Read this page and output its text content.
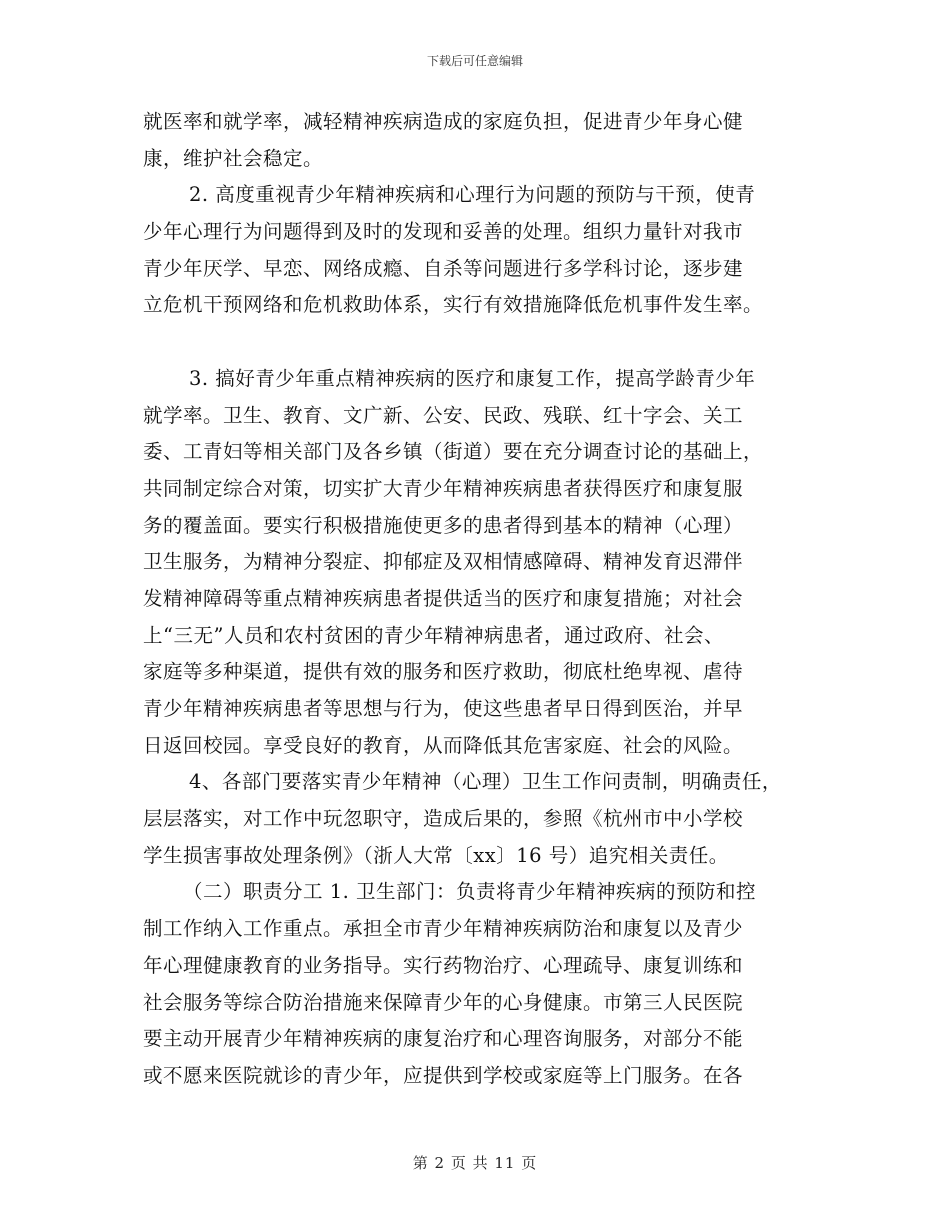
下载后可任意编辑
就医率和就学率，减轻精神疾病造成的家庭负担，促进青少年身心健
康，维护社会稳定。
2. 高度重视青少年精神疾病和心理行为问题的预防与干预，使青
少年心理行为问题得到及时的发现和妥善的处理。组织力量针对我市
青少年厌学、早恋、网络成瘾、自杀等问题进行多学科讨论，逐步建
立危机干预网络和危机救助体系，实行有效措施降低危机事件发生率。
3. 搞好青少年重点精神疾病的医疗和康复工作，提高学龄青少年
就学率。卫生、教育、文广新、公安、民政、残联、红十字会、关工
委、工青妇等相关部门及各乡镇（街道）要在充分调查讨论的基础上，
共同制定综合对策，切实扩大青少年精神疾病患者获得医疗和康复服
务的覆盖面。要实行积极措施使更多的患者得到基本的精神（心理）
卫生服务，为精神分裂症、抑郁症及双相情感障碍、精神发育迟滞伴
发精神障碍等重点精神疾病患者提供适当的医疗和康复措施；对社会
上“三无”人员和农村贫困的青少年精神病患者，通过政府、社会、
家庭等多种渠道，提供有效的服务和医疗救助，彻底杜绝卑视、虐待
青少年精神疾病患者等思想与行为，使这些患者早日得到医治，并早
日返回校园。享受良好的教育，从而降低其危害家庭、社会的风险。
4、各部门要落实青少年精神（心理）卫生工作问责制，明确责任，
层层落实，对工作中玩忽职守，造成后果的，参照《杭州市中小学校
学生损害事故处理条例》（浙人大常〔xx〕16 号）追究相关责任。
（二）职责分工 1. 卫生部门：负责将青少年精神疾病的预防和控
制工作纳入工作重点。承担全市青少年精神疾病防治和康复以及青少
年心理健康教育的业务指导。实行药物治疗、心理疏导、康复训练和
社会服务等综合防治措施来保障青少年的心身健康。市第三人民医院
要主动开展青少年精神疾病的康复治疗和心理咨询服务，对部分不能
或不愿来医院就诊的青少年，应提供到学校或家庭等上门服务。在各
第 2 页 共 11 页
